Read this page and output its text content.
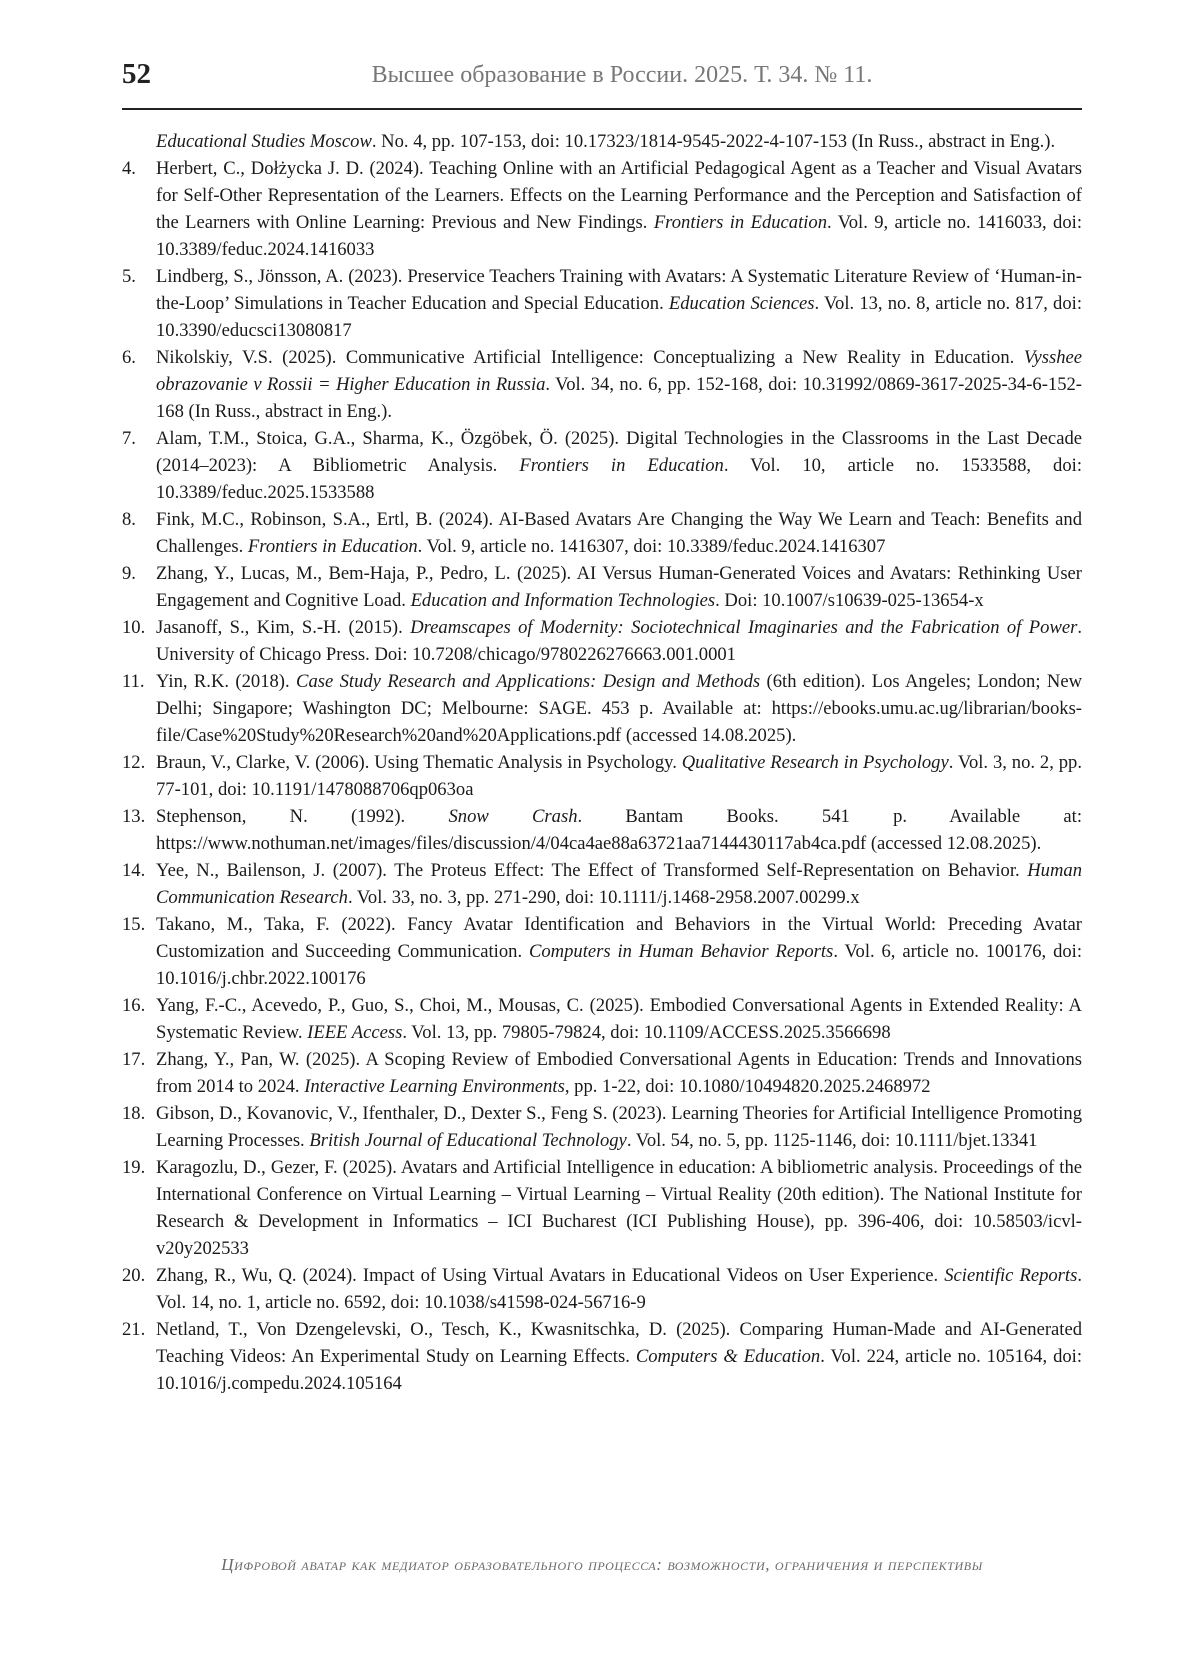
52	Высшее образование в России. 2025. Т. 34. № 11.
Educational Studies Moscow. No. 4, pp. 107-153, doi: 10.17323/1814-9545-2022-4-107-153 (In Russ., abstract in Eng.).
4.	Herbert, C., Dołżycka J. D. (2024). Teaching Online with an Artificial Pedagogical Agent as a Teacher and Visual Avatars for Self-Other Representation of the Learners. Effects on the Learning Performance and the Perception and Satisfaction of the Learners with Online Learning: Previous and New Findings. Frontiers in Education. Vol. 9, article no. 1416033, doi: 10.3389/feduc.2024.1416033
5.	Lindberg, S., Jönsson, A. (2023). Preservice Teachers Training with Avatars: A Systematic Literature Review of ‘Human-in-the-Loop’ Simulations in Teacher Education and Special Education. Education Sciences. Vol. 13, no. 8, article no. 817, doi: 10.3390/educsci13080817
6.	Nikolskiy, V.S. (2025). Communicative Artificial Intelligence: Conceptualizing a New Reality in Education. Vysshee obrazovanie v Rossii = Higher Education in Russia. Vol. 34, no. 6, pp. 152-168, doi: 10.31992/0869-3617-2025-34-6-152-168 (In Russ., abstract in Eng.).
7.	Alam, T.M., Stoica, G.A., Sharma, K., Özgöbek, Ö. (2025). Digital Technologies in the Classrooms in the Last Decade (2014–2023): A Bibliometric Analysis. Frontiers in Education. Vol. 10, article no. 1533588, doi: 10.3389/feduc.2025.1533588
8.	Fink, M.C., Robinson, S.A., Ertl, B. (2024). AI-Based Avatars Are Changing the Way We Learn and Teach: Benefits and Challenges. Frontiers in Education. Vol. 9, article no. 1416307, doi: 10.3389/feduc.2024.1416307
9.	Zhang, Y., Lucas, M., Bem-Haja, P., Pedro, L. (2025). AI Versus Human-Generated Voices and Avatars: Rethinking User Engagement and Cognitive Load. Education and Information Technologies. Doi: 10.1007/s10639-025-13654-x
10. Jasanoff, S., Kim, S.-H. (2015). Dreamscapes of Modernity: Sociotechnical Imaginaries and the Fabrication of Power. University of Chicago Press. Doi: 10.7208/chicago/9780226276663.001.0001
11. Yin, R.K. (2018). Case Study Research and Applications: Design and Methods (6th edition). Los Angeles; London; New Delhi; Singapore; Washington DC; Melbourne: SAGE. 453 p. Available at: https://ebooks.umu.ac.ug/librarian/books-file/Case%20Study%20Research%20and%20Applications.pdf (accessed 14.08.2025).
12. Braun, V., Clarke, V. (2006). Using Thematic Analysis in Psychology. Qualitative Research in Psychology. Vol. 3, no. 2, pp. 77-101, doi: 10.1191/1478088706qp063oa
13. Stephenson, N. (1992). Snow Crash. Bantam Books. 541 p. Available at: https://www.nothuman.net/images/files/discussion/4/04ca4ae88a63721aa7144430117ab4ca.pdf (accessed 12.08.2025).
14. Yee, N., Bailenson, J. (2007). The Proteus Effect: The Effect of Transformed Self-Representation on Behavior. Human Communication Research. Vol. 33, no. 3, pp. 271-290, doi: 10.1111/j.1468-2958.2007.00299.x
15. Takano, M., Taka, F. (2022). Fancy Avatar Identification and Behaviors in the Virtual World: Preceding Avatar Customization and Succeeding Communication. Computers in Human Behavior Reports. Vol. 6, article no. 100176, doi: 10.1016/j.chbr.2022.100176
16. Yang, F.-C., Acevedo, P., Guo, S., Choi, M., Mousas, C. (2025). Embodied Conversational Agents in Extended Reality: A Systematic Review. IEEE Access. Vol. 13, pp. 79805-79824, doi: 10.1109/ACCESS.2025.3566698
17. Zhang, Y., Pan, W. (2025). A Scoping Review of Embodied Conversational Agents in Education: Trends and Innovations from 2014 to 2024. Interactive Learning Environments, pp. 1-22, doi: 10.1080/10494820.2025.2468972
18. Gibson, D., Kovanovic, V., Ifenthaler, D., Dexter S., Feng S. (2023). Learning Theories for Artificial Intelligence Promoting Learning Processes. British Journal of Educational Technology. Vol. 54, no. 5, pp. 1125-1146, doi: 10.1111/bjet.13341
19. Karagozlu, D., Gezer, F. (2025). Avatars and Artificial Intelligence in education: A bibliometric analysis. Proceedings of the International Conference on Virtual Learning – Virtual Learning – Virtual Reality (20th edition). The National Institute for Research & Development in Informatics – ICI Bucharest (ICI Publishing House), pp. 396-406, doi: 10.58503/icvl-v20y202533
20. Zhang, R., Wu, Q. (2024). Impact of Using Virtual Avatars in Educational Videos on User Experience. Scientific Reports. Vol. 14, no. 1, article no. 6592, doi: 10.1038/s41598-024-56716-9
21. Netland, T., Von Dzengelevski, O., Tesch, K., Kwasnitschka, D. (2025). Comparing Human-Made and AI-Generated Teaching Videos: An Experimental Study on Learning Effects. Computers & Education. Vol. 224, article no. 105164, doi: 10.1016/j.compedu.2024.105164
Цифровой аватар как медиатор образовательного процесса: возможности, ограничения и перспективы
